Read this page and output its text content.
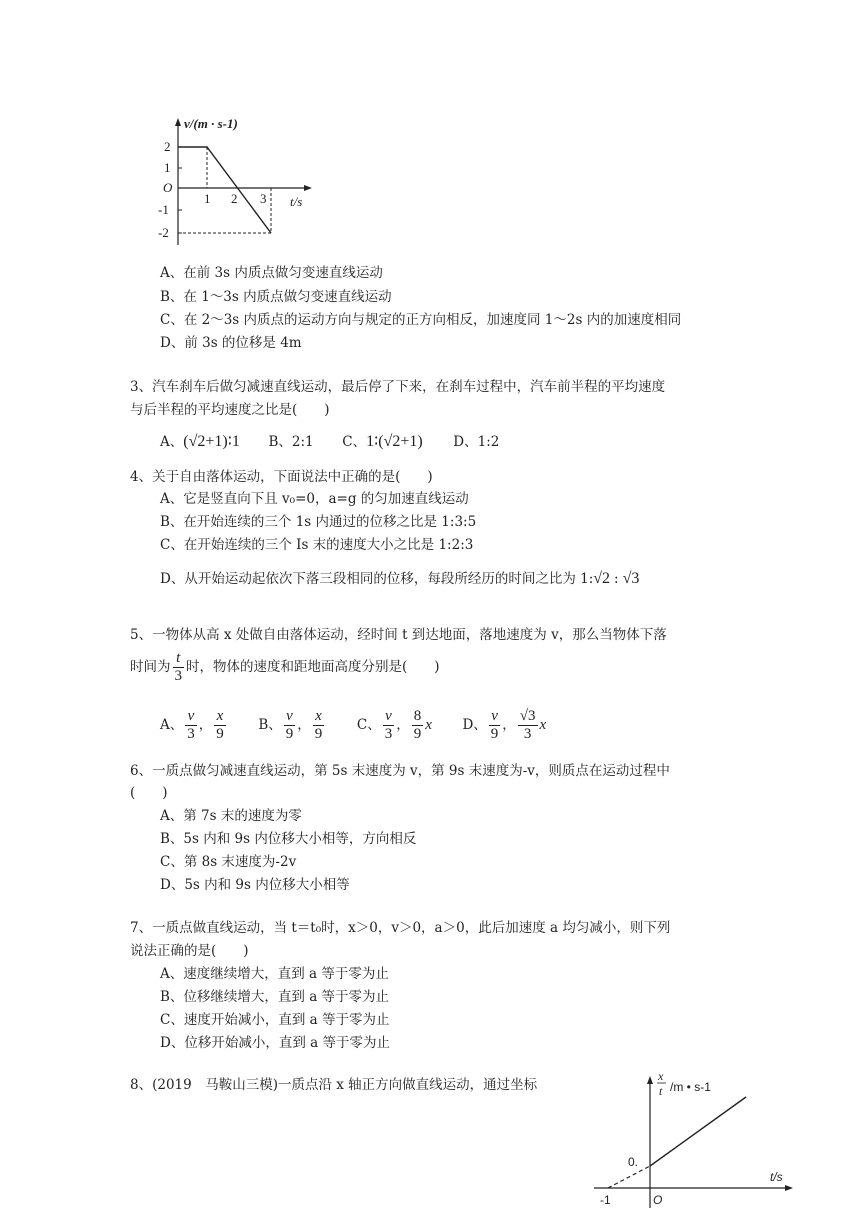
v/(m · s-1)
2
1
O
-1
-2
1 2 3 t/s
A、在前 3s 内质点做匀变速直线运动
B、在 1～3s 内质点做匀变速直线运动
C、在 2～3s 内质点的运动方向与规定的正方向相反，加速度同 1～2s 内的加速度相同
D、前 3s 的位移是 4m
3、汽车刹车后做匀减速直线运动，最后停了下来，在刹车过程中，汽车前半程的平均速度
与后半程的平均速度之比是(　　)
A、(√2+1)∶1 B、2:1 C、1∶(√2+1) D、1:2
4、关于自由落体运动，下面说法中正确的是(　　)
A、它是竖直向下且 v₀=0，a=g 的匀加速直线运动
B、在开始连续的三个 1s 内通过的位移之比是 1:3:5
C、在开始连续的三个 Is 末的速度大小之比是 1:2:3
D、从开始运动起依次下落三段相同的位移，每段所经历的时间之比为 1:√2 : √3
5、一物体从高 x 处做自由落体运动，经时间 t 到达地面，落地速度为 v，那么当物体下落
时间为 $\frac{t}{3}$ 时，物体的速度和距地面高度分别是(　　)
A、 $\frac{v}{3}$ ， $\frac{x}{9}$ B、 $\frac{v}{9}$ ， $\frac{x}{9}$ C、 $\frac{v}{3}$ ， $\frac{8}{9}$ x D、 $\frac{v}{9}$ ， $\frac{√3}{3}$ x
6、一质点做匀减速直线运动，第 5s 末速度为 v，第 9s 末速度为-v，则质点在运动过程中
(　　)
A、第 7s 末的速度为零
B、5s 内和 9s 内位移大小相等，方向相反
C、第 8s 末速度为-2v
D、5s 内和 9s 内位移大小相等
7、一质点做直线运动，当 t＝t₀时，x＞0，v＞0，a＞0，此后加速度 a 均匀减小，则下列
说法正确的是(　　)
A、速度继续增大，直到 a 等于零为止
B、位移继续增大，直到 a 等于零为止
C、速度开始减小，直到 a 等于零为止
D、位移开始减小，直到 a 等于零为止
8、(2019　马鞍山三模)一质点沿 x 轴正方向做直线运动，通过坐标
x
t /m • s-1
0.
t/s
-1	O
